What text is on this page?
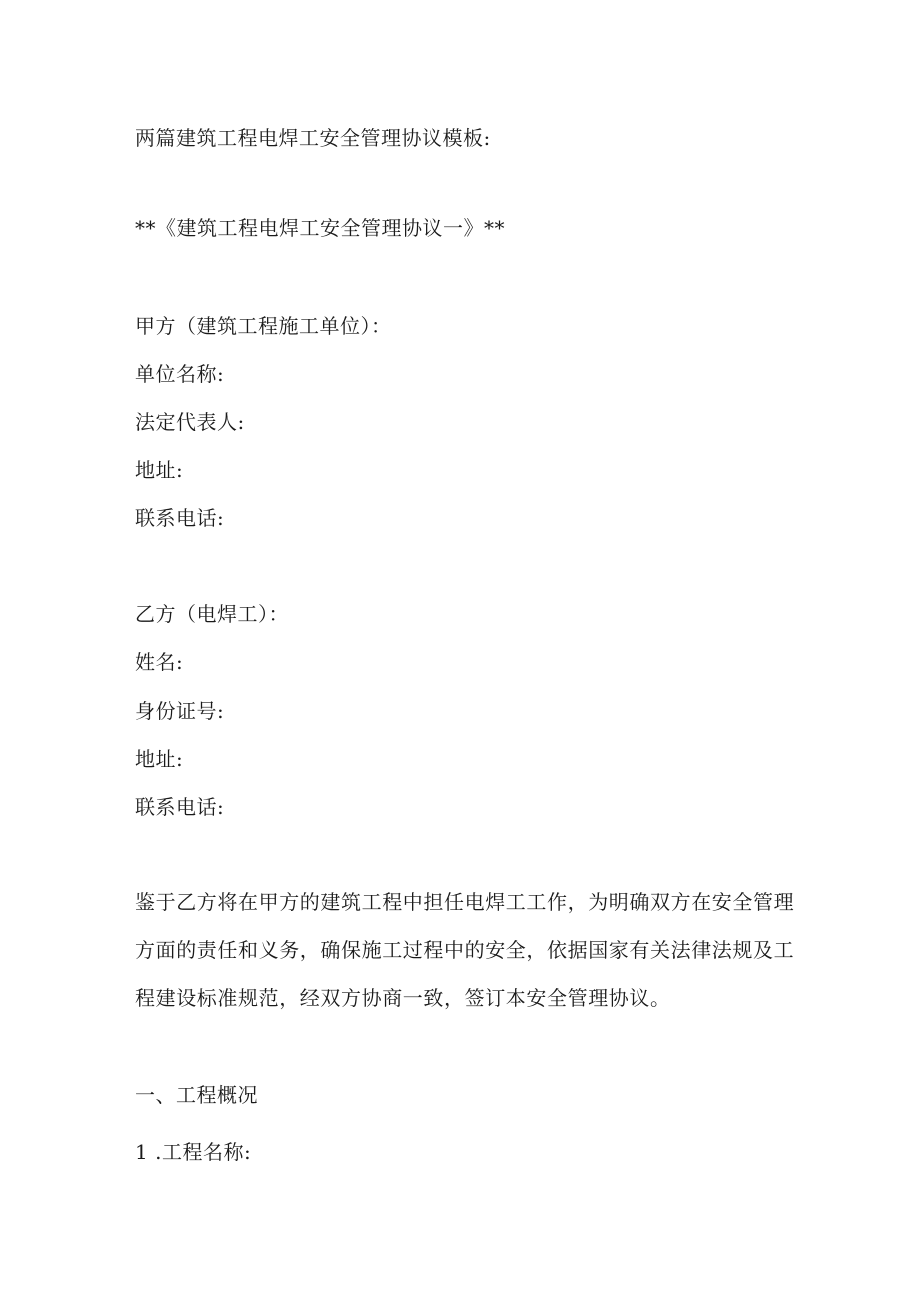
两篇建筑工程电焊工安全管理协议模板:
**《建筑工程电焊工安全管理协议一》**
甲方（建筑工程施工单位）：
单位名称:
法定代表人:
地址:
联系电话:
乙方（电焊工）：
姓名:
身份证号:
地址:
联系电话:
鉴于乙方将在甲方的建筑工程中担任电焊工工作，为明确双方在安全管理
方面的责任和义务，确保施工过程中的安全，依据国家有关法律法规及工
程建设标准规范，经双方协商一致，签订本安全管理协议。
一、工程概况
1 .工程名称:
